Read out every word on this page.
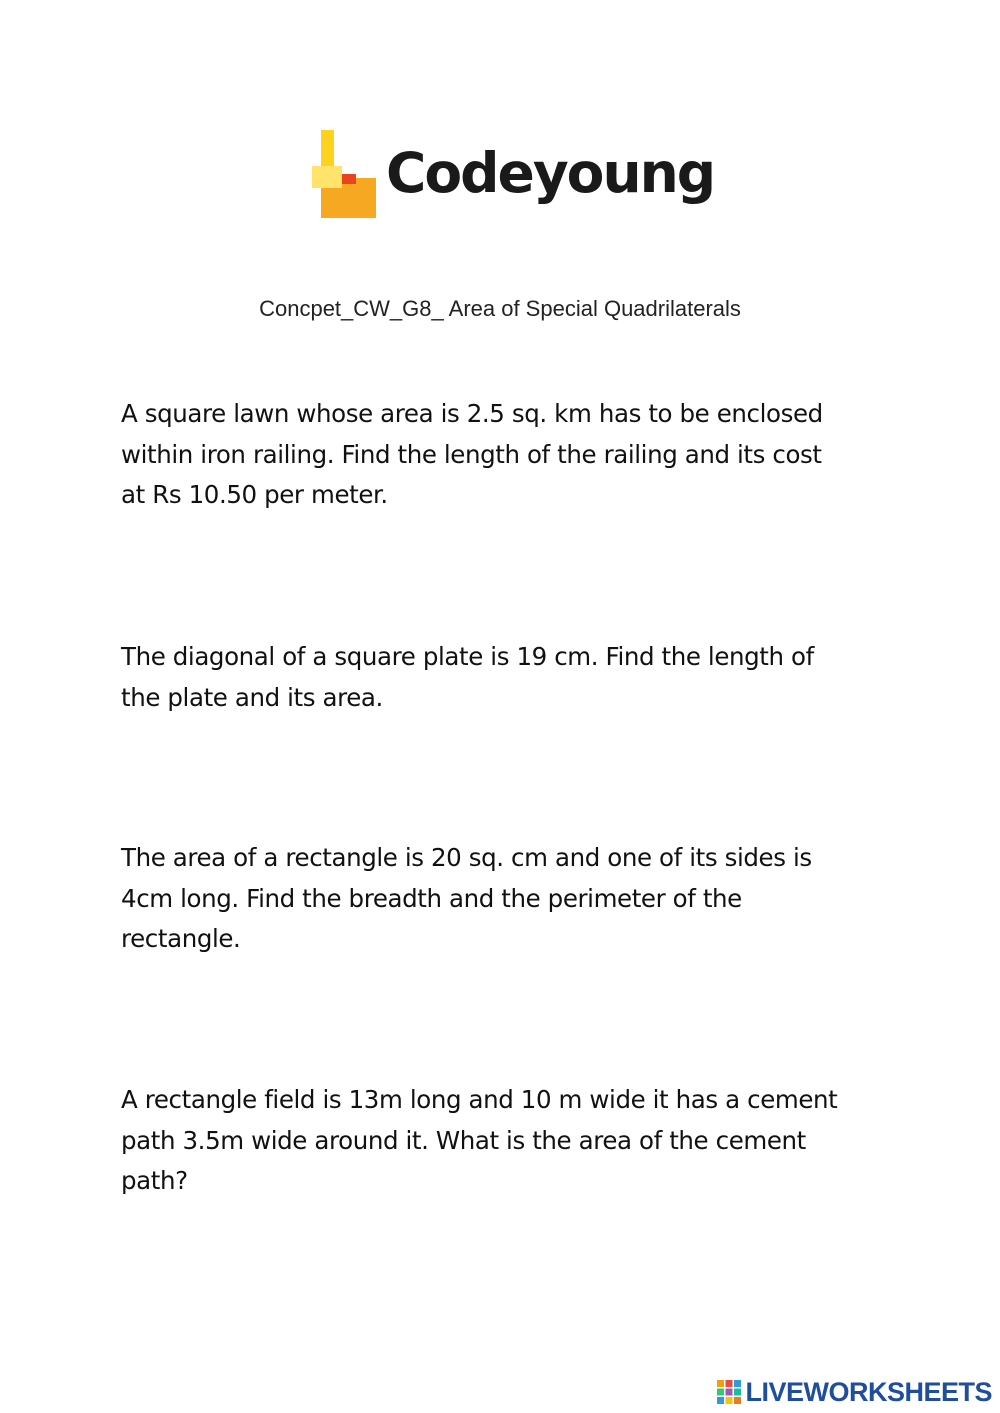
Codeyoung
Concpet_CW_G8_ Area of Special Quadrilaterals
A square lawn whose area is 2.5 sq. km has to be enclosed
within iron railing. Find the length of the railing and its cost
at Rs 10.50 per meter.
The diagonal of a square plate is 19 cm. Find the length of
the plate and its area.
The area of a rectangle is 20 sq. cm and one of its sides is
4cm long. Find the breadth and the perimeter of the
rectangle.
A rectangle field is 13m long and 10 m wide it has a cement
path 3.5m wide around it. What is the area of the cement
path?
LIVEWORKSHEETS
